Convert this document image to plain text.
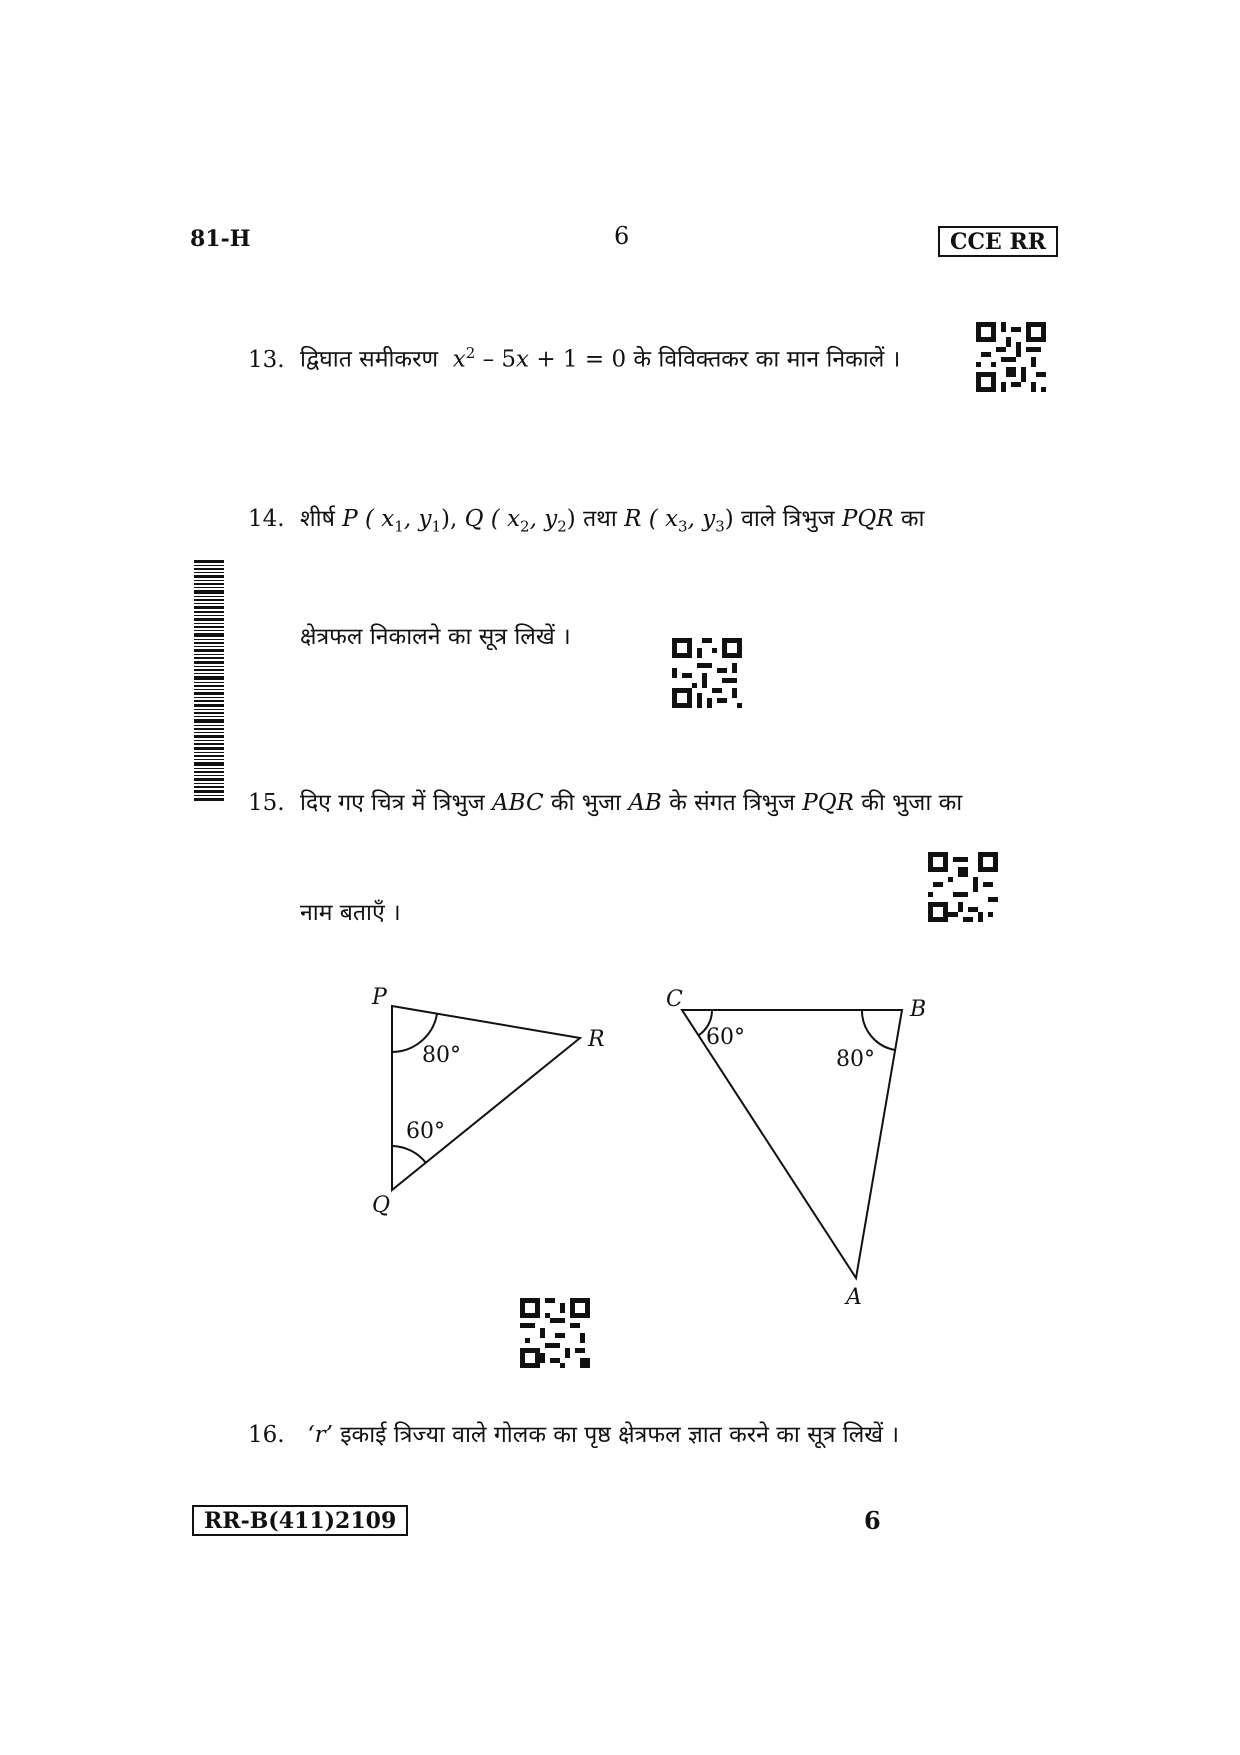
81-H	6	CCE RR
13. द्विघात समीकरण $x^2 - 5x + 1 = 0$ के विविक्तकर का मान निकालें ।
14. शीर्ष P ( $x_1$, $y_1$), Q ( $x_2$, $y_2$) तथा R ( $x_3$, $y_3$) वाले त्रिभुज PQR का
क्षेत्रफल निकालने का सूत्र लिखें ।
15. दिए गए चित्र में त्रिभुज ABC की भुजा AB के संगत त्रिभुज PQR की भुजा का
नाम बताएँ ।
P
Q
R
C	B
A
80°
60°
60°
80°
16. ‘r’ इकाई त्रिज्या वाले गोलक का पृष्ठ क्षेत्रफल ज्ञात करने का सूत्र लिखें ।
RR-B(411)2109	6
